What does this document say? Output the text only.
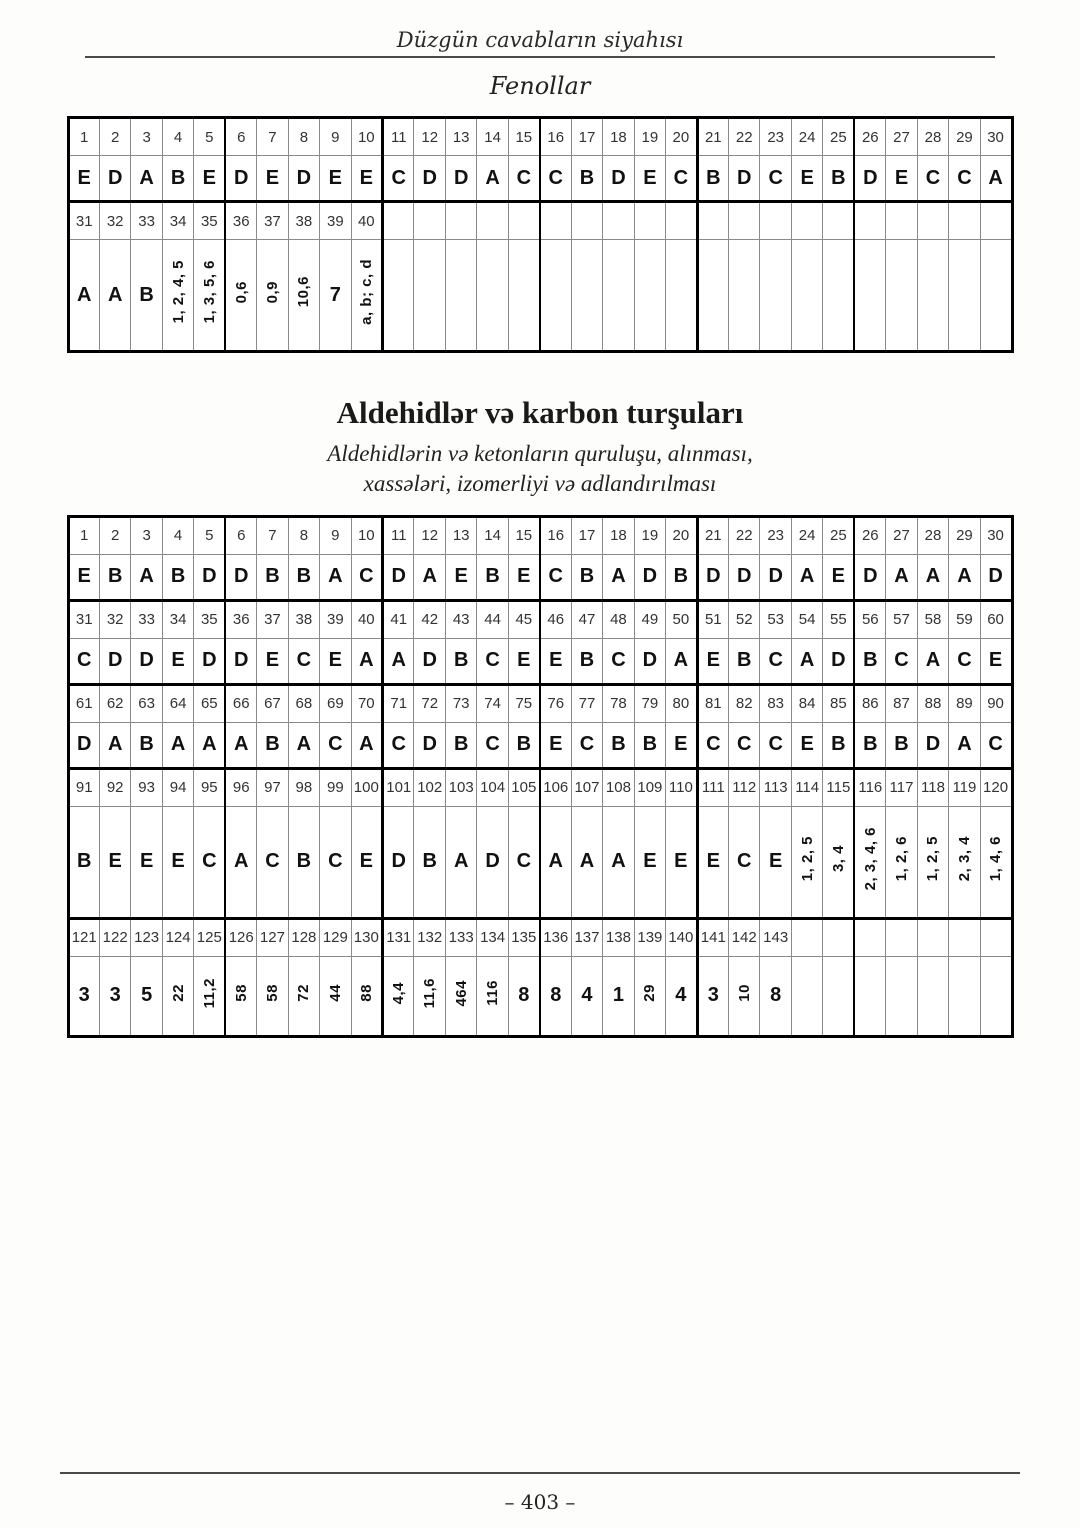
Düzgün cavabların siyahısı
Fenollar
1	2	3	4	5	6	7	8	9	10	11	12	13	14	15	16	17	18	19	20	21	22	23	24	25	26	27	28	29	30
E	D	A	B	E	D	E	D	E	E	C	D	D	A	C	C	B	D	E	C	B	D	C	E	B	D	E	C	C	A
31	32	33	34	35	36	37	38	39	40																				
A	A	B	1, 2, 4, 5	1, 3, 5, 6	0,6	0,9	10,6	7	a, b; c, d																				
Aldehidlər və karbon turşuları
Aldehidlərin və ketonların quruluşu, alınması,
xassələri, izomerliyi və adlandırılması
1	2	3	4	5	6	7	8	9	10	11	12	13	14	15	16	17	18	19	20	21	22	23	24	25	26	27	28	29	30
E	B	A	B	D	D	B	B	A	C	D	A	E	B	E	C	B	A	D	B	D	D	D	A	E	D	A	A	A	D
31	32	33	34	35	36	37	38	39	40	41	42	43	44	45	46	47	48	49	50	51	52	53	54	55	56	57	58	59	60
C	D	D	E	D	D	E	C	E	A	A	D	B	C	E	E	B	C	D	A	E	B	C	A	D	B	C	A	C	E
61	62	63	64	65	66	67	68	69	70	71	72	73	74	75	76	77	78	79	80	81	82	83	84	85	86	87	88	89	90
D	A	B	A	A	A	B	A	C	A	C	D	B	C	B	E	C	B	B	E	C	C	C	E	B	B	B	D	A	C
91	92	93	94	95	96	97	98	99	100	101	102	103	104	105	106	107	108	109	110	111	112	113	114	115	116	117	118	119	120
B	E	E	E	C	A	C	B	C	E	D	B	A	D	C	A	A	A	E	E	E	C	E	1, 2, 5	3, 4	2, 3, 4, 6	1, 2, 6	1, 2, 5	2, 3, 4	1, 4, 6
121	122	123	124	125	126	127	128	129	130	131	132	133	134	135	136	137	138	139	140	141	142	143							
3	3	5	22	11,2	58	58	72	44	88	4,4	11,6	464	116	8	8	4	1	29	4	3	10	8							
– 403 –
